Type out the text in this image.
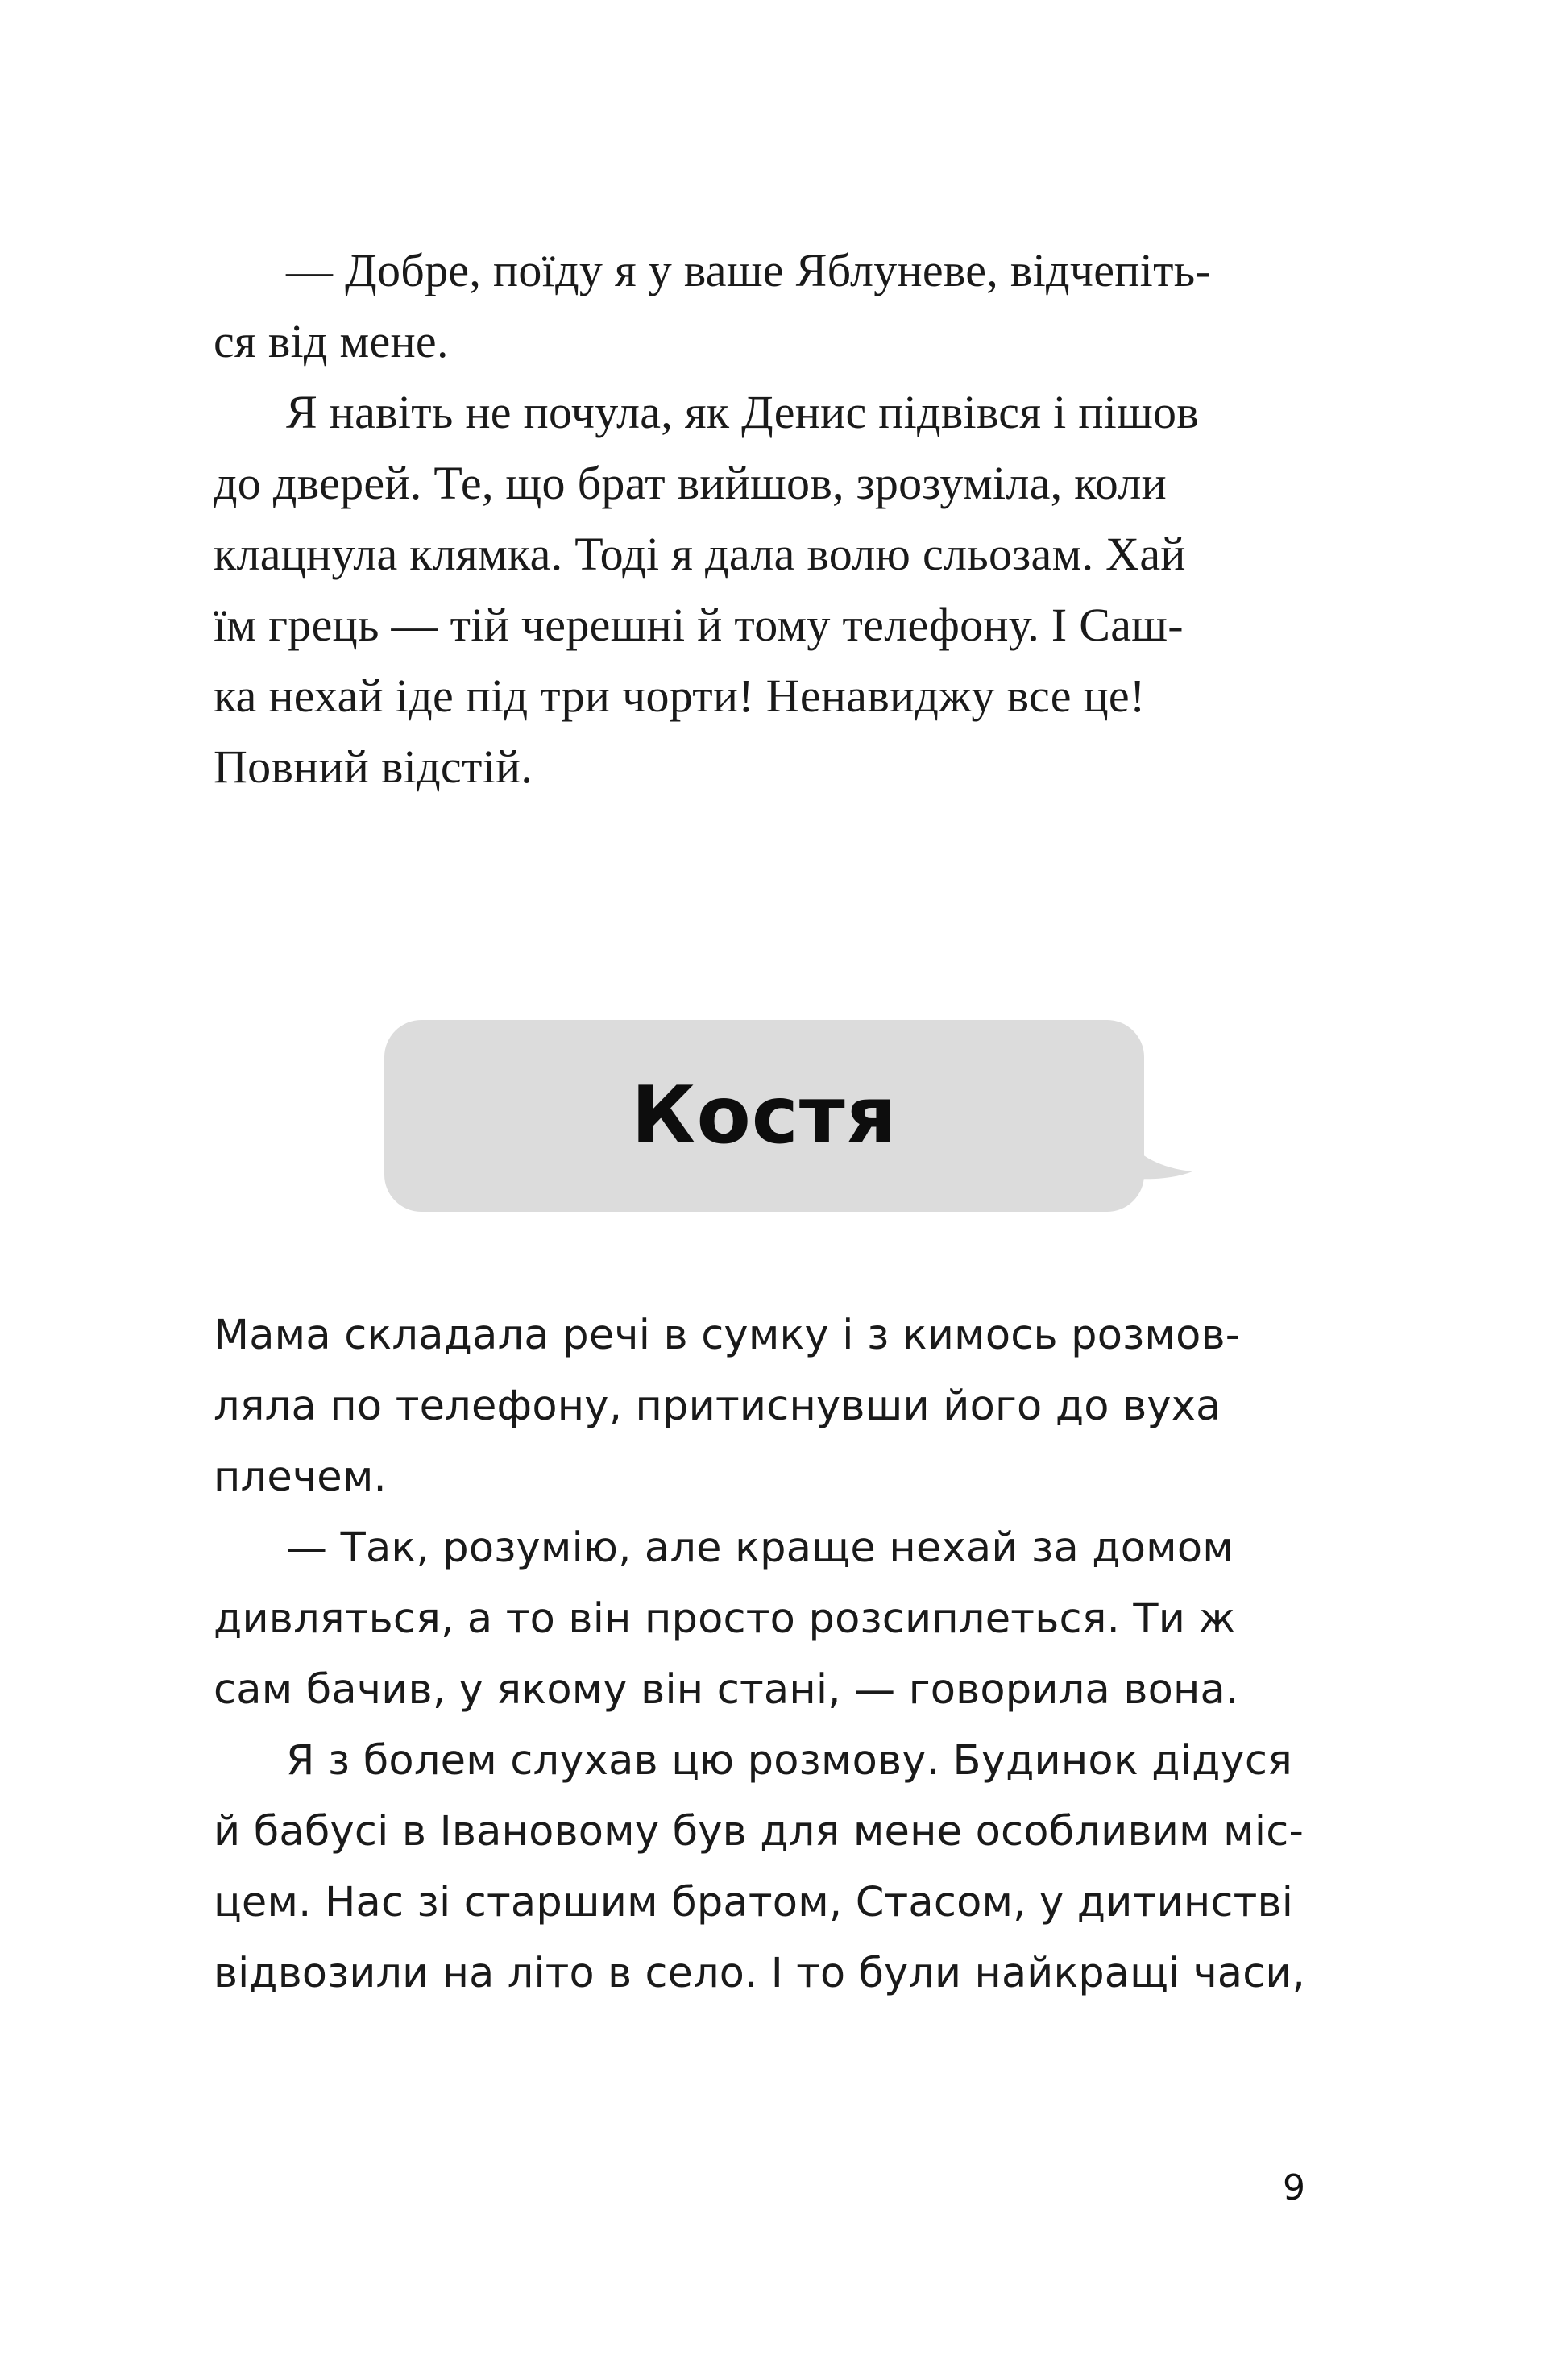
— Добре, поїду я у ваше Яблуневе, відчепіть-
ся від мене.
Я навіть не почула, як Денис підвівся і пішов
до дверей. Те, що брат вийшов, зрозуміла, коли
клацнула клямка. Тоді я дала волю сльозам. Хай
їм грець — тій черешні й тому телефону. І Саш-
ка нехай іде під три чорти! Ненавиджу все це!
Повний відстій.
Костя
Мама складала речі в сумку і з кимось розмов-
ляла по телефону, притиснувши його до вуха
плечем.
— Так, розумію, але краще нехай за домом
дивляться, а то він просто розсиплеться. Ти ж
сам бачив, у якому він стані, — говорила вона.
Я з болем слухав цю розмову. Будинок дідуся
й бабусі в Івановому був для мене особливим міс-
цем. Нас зі старшим братом, Стасом, у дитинстві
відвозили на літо в село. І то були найкращі часи,
9
